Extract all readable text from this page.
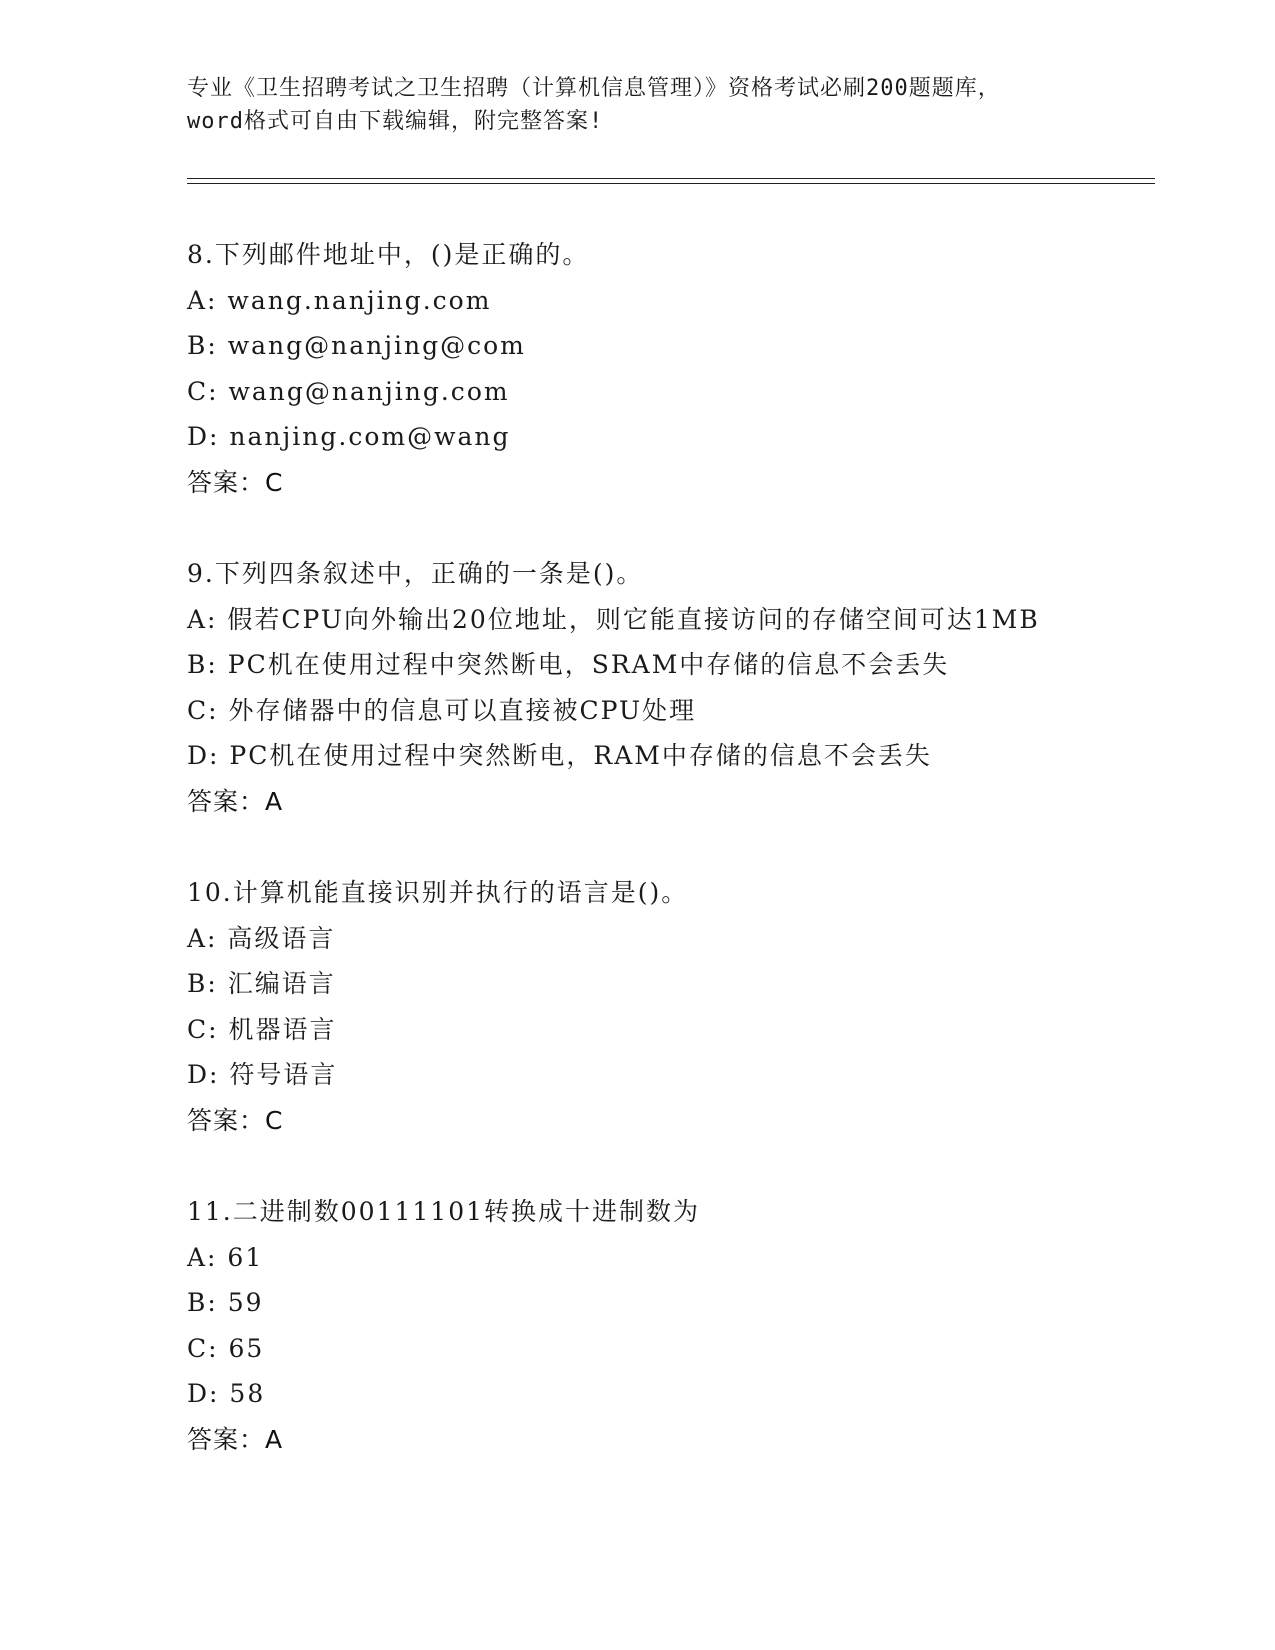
专业《卫生招聘考试之卫生招聘（计算机信息管理）》资格考试必刷200题题库，
word格式可自由下载编辑，附完整答案!
8.下列邮件地址中，()是正确的。
A: wang.nanjing.com
B: wang@nanjing@com
C: wang@nanjing.com
D: nanjing.com@wang
答案：C
9.下列四条叙述中，正确的一条是()。
A: 假若CPU向外输出20位地址，则它能直接访问的存储空间可达1MB
B: PC机在使用过程中突然断电，SRAM中存储的信息不会丢失
C: 外存储器中的信息可以直接被CPU处理
D: PC机在使用过程中突然断电，RAM中存储的信息不会丢失
答案：A
10.计算机能直接识别并执行的语言是()。
A: 高级语言
B: 汇编语言
C: 机器语言
D: 符号语言
答案：C
11.二进制数00111101转换成十进制数为
A: 61
B: 59
C: 65
D: 58
答案：A
